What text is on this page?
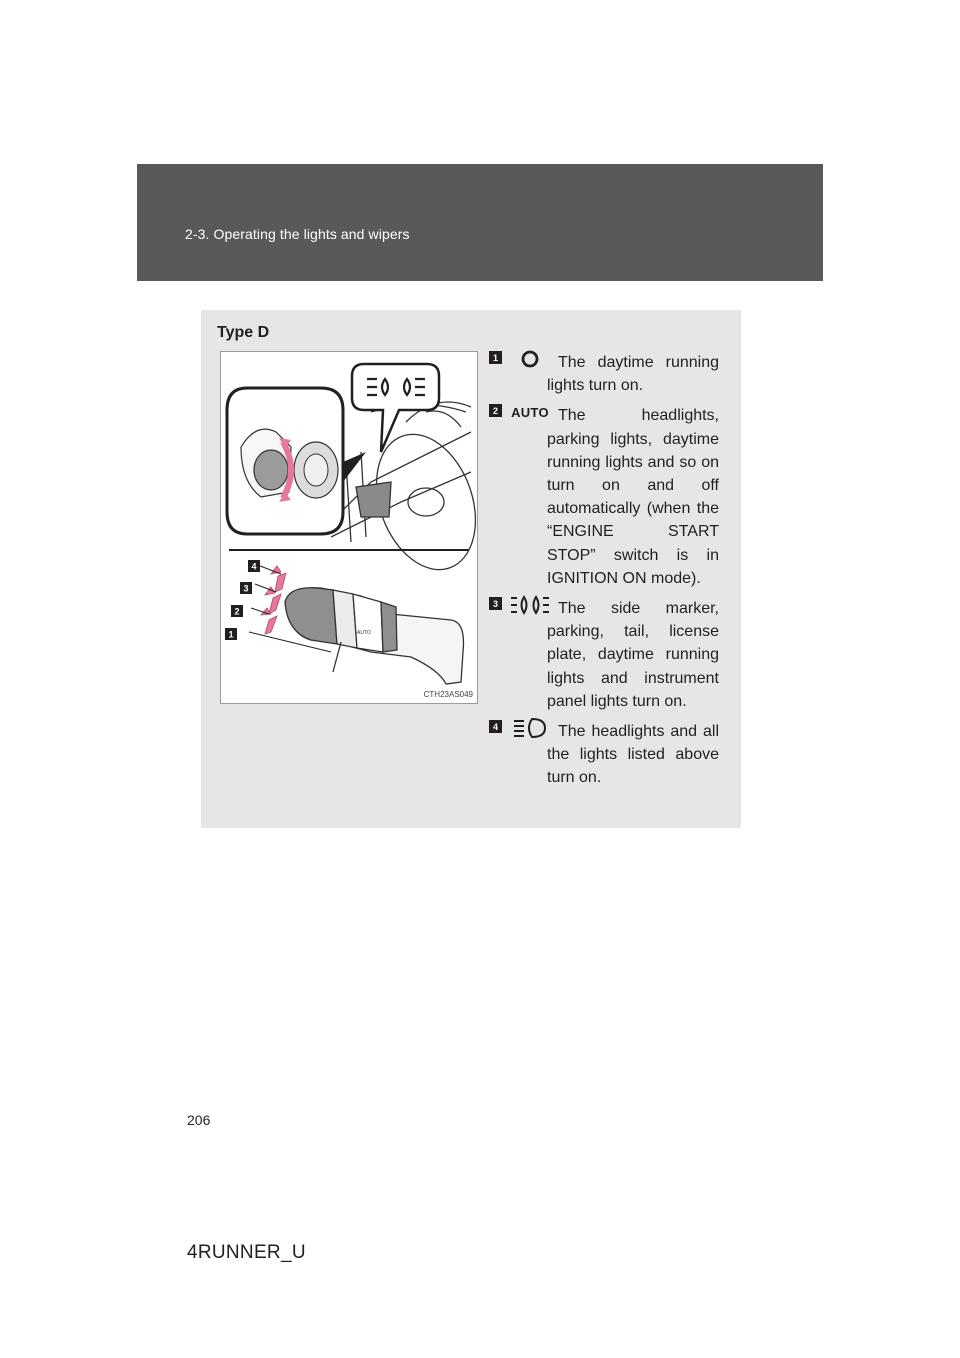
2-3. Operating the lights and wipers
Type D
AUTO
4
3
2
1
CTH23AS049
1	The daytime running lights turn on.
2	AUTO The headlights, parking lights, daytime running lights and so on turn on and off automatically (when the “ENGINE START STOP” switch is in IGNITION ON mode).
3	The side marker, parking, tail, license plate, daytime running lights and instrument panel lights turn on.
4	The headlights and all the lights listed above turn on.
206
4RUNNER_U
